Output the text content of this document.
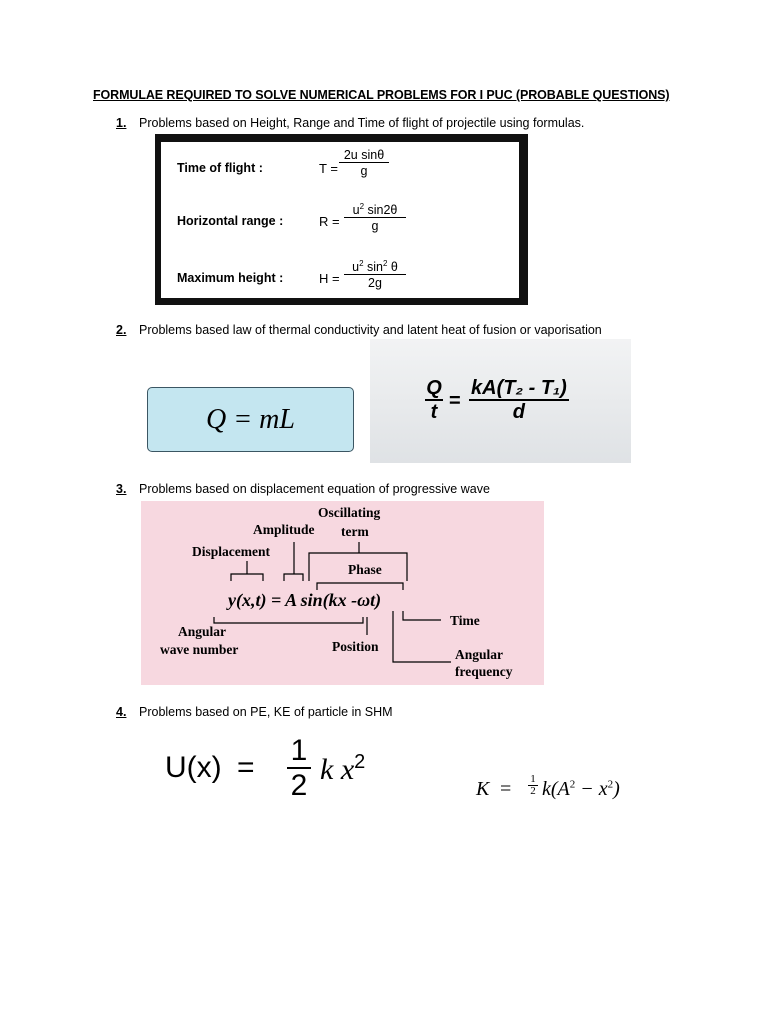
FORMULAE REQUIRED TO SOLVE NUMERICAL PROBLEMS FOR I PUC (PROBABLE QUESTIONS)
1. Problems based on Height, Range and Time of flight of projectile using formulas.
Time of flight :	$T = \frac{\text{2u sinθ}}{g}$
Horizontal range :	$R = \frac{u^2 \sin 2\theta}{g}$
Maximum height :	$H = \frac{u^2 \sin^2 \theta}{2g}$
2. Problems based law of thermal conductivity and latent heat of fusion or vaporisation
Q = mL	$\frac{Q}{t} = \frac{\text{kA(T₂ - T₁)}}{d}$
3. Problems based on displacement equation of progressive wave
Oscillating
Amplitude term
Displacement
Phase
y(x,t) = A sin(kx -ωt)
Time
Angular
wave number	Position
Angular
frequency
4. Problems based on PE, KE of particle in SHM
$U(x) = \frac{1}{2}$ k $x^2$
$K = \frac{1}{2} k(A^2 - x^2)$
